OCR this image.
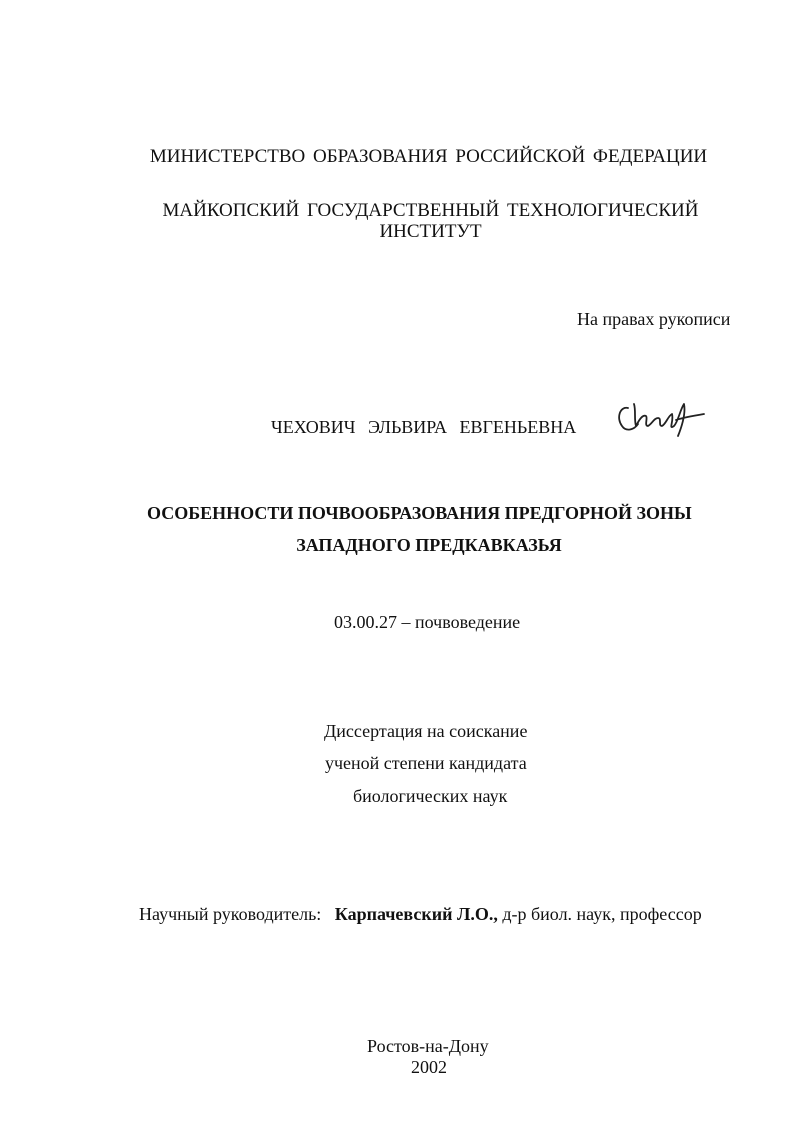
МИНИСТЕРСТВО ОБРАЗОВАНИЯ РОССИЙСКОЙ ФЕДЕРАЦИИ
МАЙКОПСКИЙ ГОСУДАРСТВЕННЫЙ ТЕХНОЛОГИЧЕСКИЙ
ИНСТИТУТ
На правах рукописи
ЧЕХОВИЧ ЭЛЬВИРА ЕВГЕНЬЕВНА
ОСОБЕННОСТИ ПОЧВООБРАЗОВАНИЯ ПРЕДГОРНОЙ ЗОНЫ
ЗАПАДНОГО ПРЕДКАВКАЗЬЯ
03.00.27 – почвоведение
Диссертация на соискание
ученой степени кандидата
биологических наук
Научный руководитель: Карпачевский Л.О., д-р биол. наук, профессор
Ростов-на-Дону
2002
